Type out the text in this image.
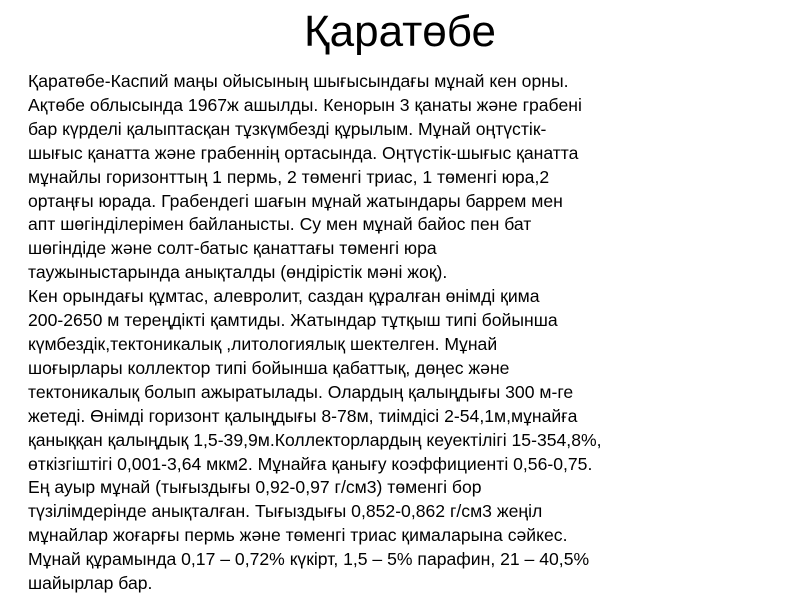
Қаратөбе

Қаратөбе-Каспий маңы ойысының шығысындағы мұнай кен орны.

Ақтөбе облысында 1967ж ашылды. Кенорын 3 қанаты және грабені

бар күрделі қалыптасқан тұзкүмбезді құрылым. Мұнай оңтүстік-

шығыс қанатта және грабеннің ортасында. Оңтүстік-шығыс қанатта

мұнайлы горизонттың 1 пермь, 2 төменгі триас, 1 төменгі юра,2

ортаңғы юрада. Грабендегі шағын мұнай жатындары баррем мен

апт шөгінділерімен байланысты. Су мен мұнай байос пен бат

шөгіндіде және солт-батыс қанаттағы төменгі юра

таужыныстарында анықталды (өндірістік мәні жоқ).

Кен орындағы құмтас, алевролит, саздан құралған өнімді қима

200-2650 м тереңдікті қамтиды. Жатындар тұтқыш типі бойынша

күмбездік,тектоникалық ,литологиялық шектелген. Мұнай

шоғырлары коллектор типі бойынша қабаттық, дөңес және

тектоникалық болып ажыратылады. Олардың қалыңдығы 300 м-ге

жетеді. Өнімді горизонт қалыңдығы 8-78м, тиімдісі 2-54,1м,мұнайға

қаныққан қалыңдық 1,5-39,9м.Коллекторлардың кеуектілігі 15-354,8%,

өткізгіштігі 0,001-3,64 мкм2. Мұнайға қанығу коэффициенті 0,56-0,75.

Ең ауыр мұнай (тығыздығы 0,92-0,97 г/см3) төменгі бор

түзілімдерінде анықталған. Тығыздығы 0,852-0,862 г/см3 жеңіл

мұнайлар жоғарғы пермь және төменгі триас қималарына сәйкес.

Мұнай құрамында 0,17 – 0,72% күкірт, 1,5 – 5% парафин, 21 – 40,5%

шайырлар бар.
